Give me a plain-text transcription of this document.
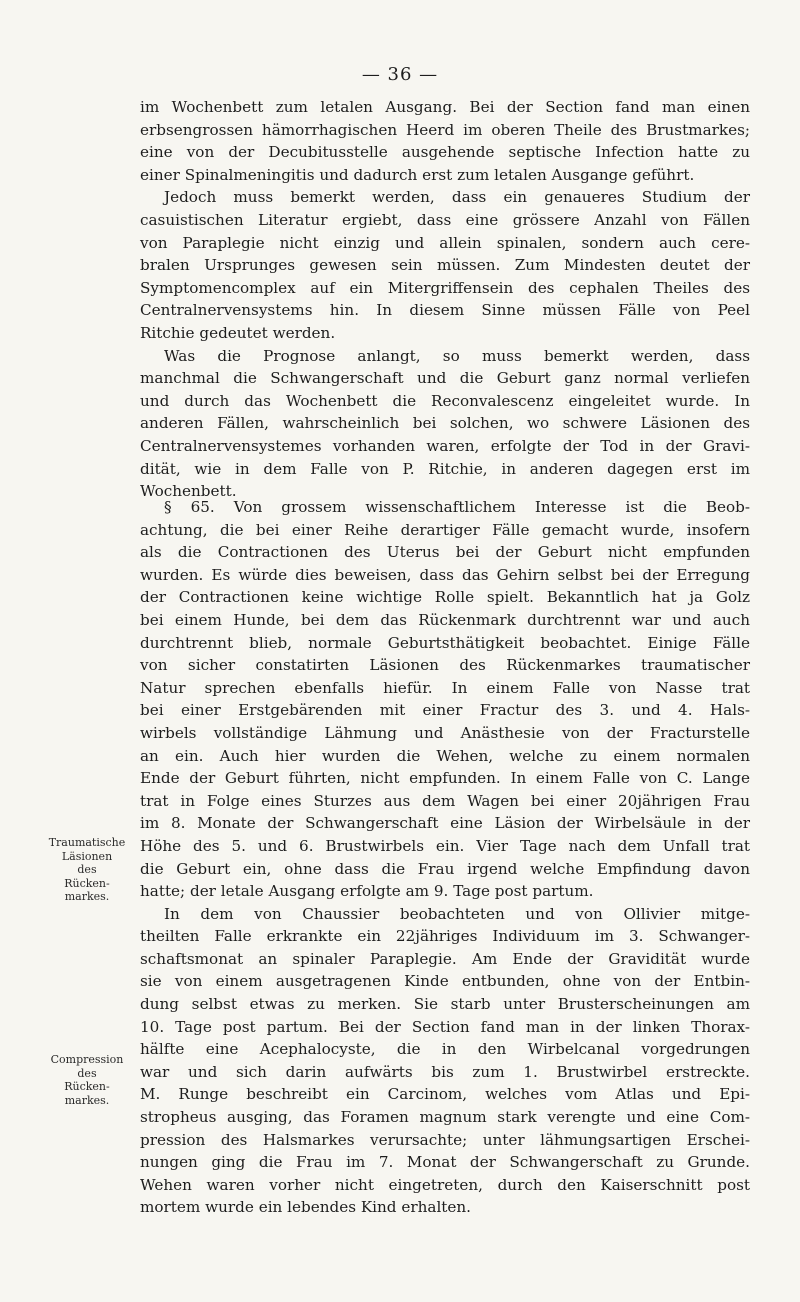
— 36 —
im Wochenbett zum letalen Ausgang. Bei der Section fand man einen
erbsengrossen hämorrhagischen Heerd im oberen Theile des Brustmarkes;
eine von der Decubitusstelle ausgehende septische Infection hatte zu
einer Spinalmeningitis und dadurch erst zum letalen Ausgange geführt.
Jedoch muss bemerkt werden, dass ein genaueres Studium der
casuistischen Literatur ergiebt, dass eine grössere Anzahl von Fällen
von Paraplegie nicht einzig und allein spinalen, sondern auch cere-
bralen Ursprunges gewesen sein müssen. Zum Mindesten deutet der
Symptomencomplex auf ein Mitergriffensein des cephalen Theiles des
Centralnervensystems hin. In diesem Sinne müssen Fälle von Peel
Ritchie gedeutet werden.
Was die Prognose anlangt, so muss bemerkt werden, dass
manchmal die Schwangerschaft und die Geburt ganz normal verliefen
und durch das Wochenbett die Reconvalescenz eingeleitet wurde. In
anderen Fällen, wahrscheinlich bei solchen, wo schwere Läsionen des
Centralnervensystemes vorhanden waren, erfolgte der Tod in der Gravi-
dität, wie in dem Falle von P. Ritchie, in anderen dagegen erst im
Wochenbett.
§ 65. Von grossem wissenschaftlichem Interesse ist die Beob-
achtung, die bei einer Reihe derartiger Fälle gemacht wurde, insofern
als die Contractionen des Uterus bei der Geburt nicht empfunden
wurden. Es würde dies beweisen, dass das Gehirn selbst bei der Erregung
der Contractionen keine wichtige Rolle spielt. Bekanntlich hat ja Golz
bei einem Hunde, bei dem das Rückenmark durchtrennt war und auch
durchtrennt blieb, normale Geburtsthätigkeit beobachtet. Einige Fälle
von sicher constatirten Läsionen des Rückenmarkes traumatischer
Natur sprechen ebenfalls hiefür. In einem Falle von Nasse trat
bei einer Erstgebärenden mit einer Fractur des 3. und 4. Hals-
wirbels vollständige Lähmung und Anästhesie von der Fracturstelle
an ein. Auch hier wurden die Wehen, welche zu einem normalen
Ende der Geburt führten, nicht empfunden. In einem Falle von C. Lange
trat in Folge eines Sturzes aus dem Wagen bei einer 20jährigen Frau
im 8. Monate der Schwangerschaft eine Läsion der Wirbelsäule in der
Höhe des 5. und 6. Brustwirbels ein. Vier Tage nach dem Unfall trat
die Geburt ein, ohne dass die Frau irgend welche Empfindung davon
hatte; der letale Ausgang erfolgte am 9. Tage post partum.
In dem von Chaussier beobachteten und von Ollivier mitge-
theilten Falle erkrankte ein 22jähriges Individuum im 3. Schwanger-
schaftsmonat an spinaler Paraplegie. Am Ende der Gravidität wurde
sie von einem ausgetragenen Kinde entbunden, ohne von der Entbin-
dung selbst etwas zu merken. Sie starb unter Brusterscheinungen am
10. Tage post partum. Bei der Section fand man in der linken Thorax-
hälfte eine Acephalocyste, die in den Wirbelcanal vorgedrungen
war und sich darin aufwärts bis zum 1. Brustwirbel erstreckte.
M. Runge beschreibt ein Carcinom, welches vom Atlas und Epi-
stropheus ausging, das Foramen magnum stark verengte und eine Com-
pression des Halsmarkes verursachte; unter lähmungsartigen Erschei-
nungen ging die Frau im 7. Monat der Schwangerschaft zu Grunde.
Wehen waren vorher nicht eingetreten, durch den Kaiserschnitt post
mortem wurde ein lebendes Kind erhalten.
Traumatische
Läsionen
des
Rücken-
markes.
Compression
des
Rücken-
markes.
